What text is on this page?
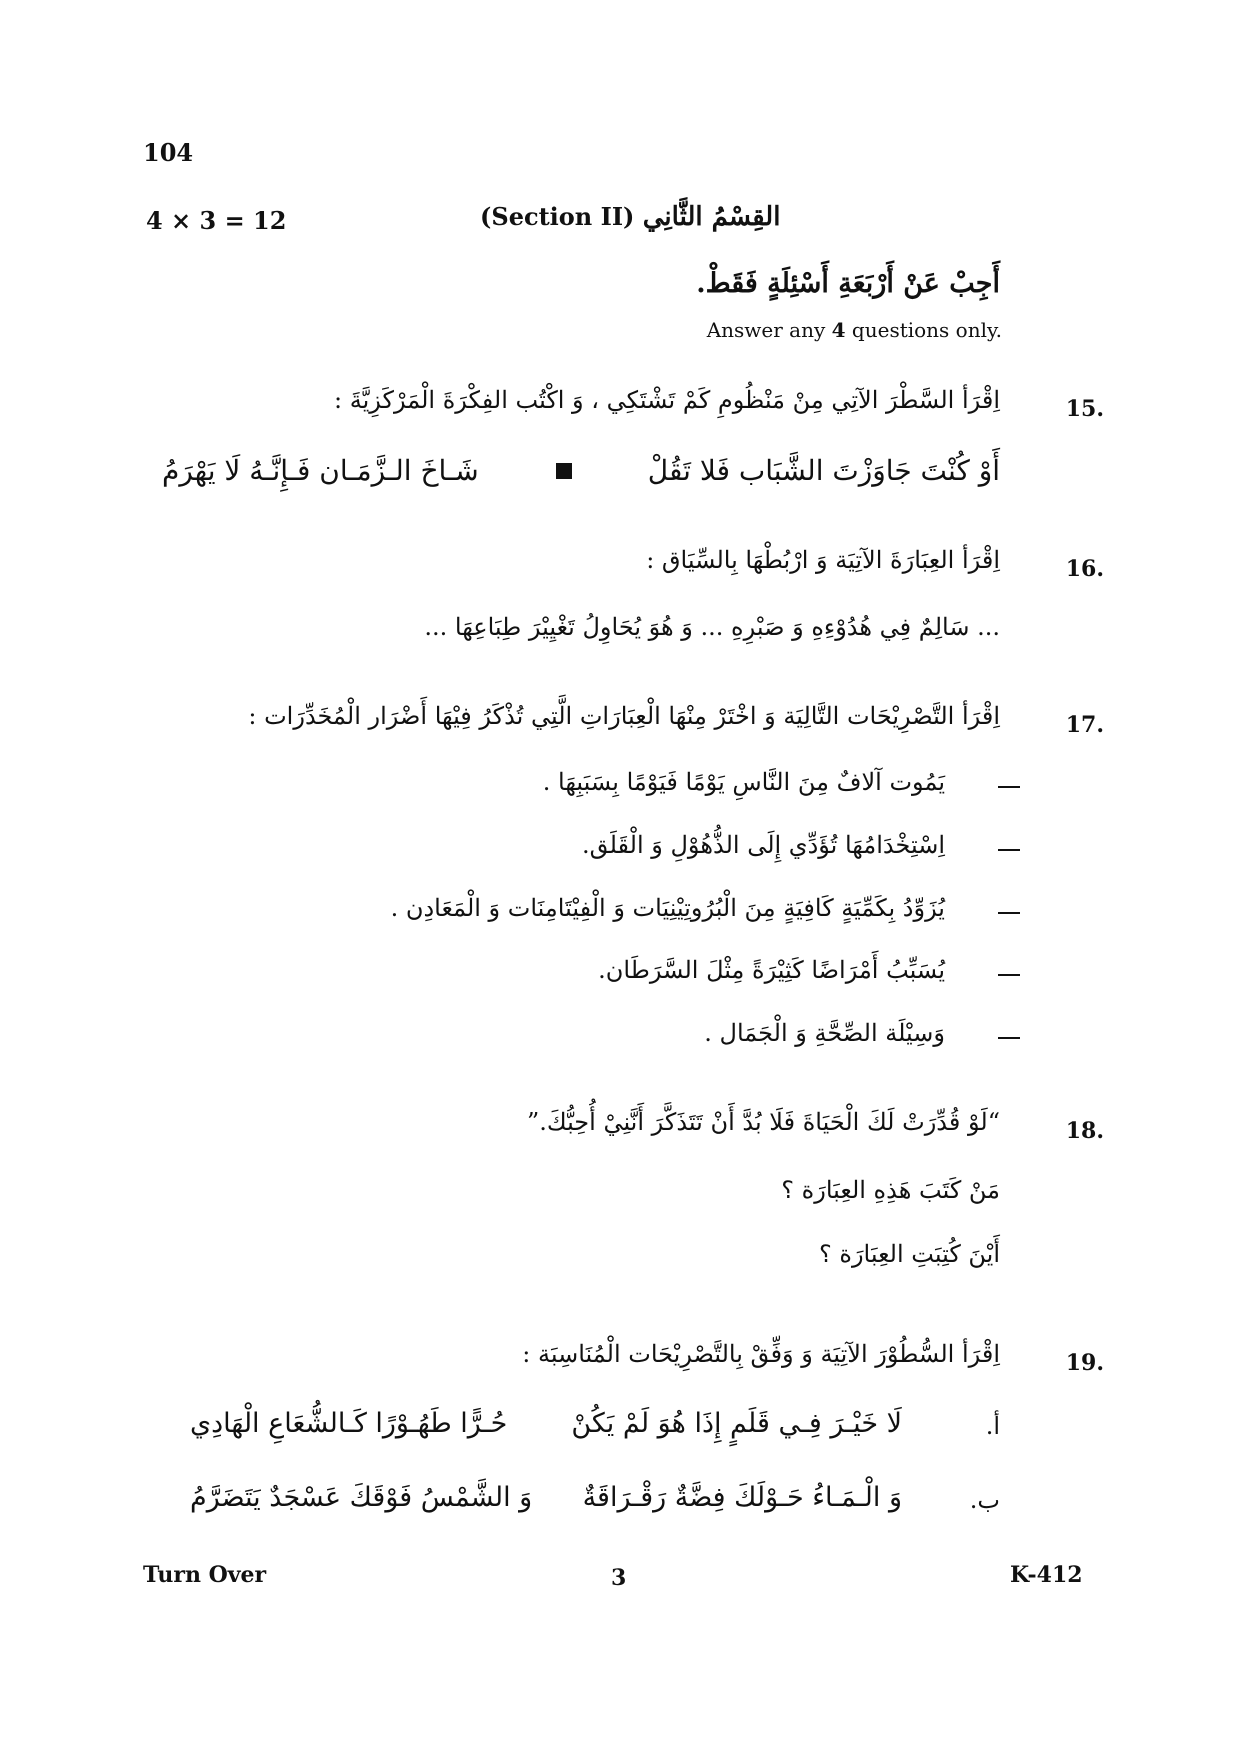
104
4 × 3 = 12	(Section II) القِسْمُ الثَّانِي
أَجِبْ عَنْ أَرْبَعَةِ أَسْئِلَةٍ فَقَطْ.
Answer any 4 questions only.
15.
اِقْرَأ السَّطْرَ الآتِي مِنْ مَنْظُومِ كَمْ تَشْتَكِي ، وَ اكْتُب الفِكْرَةَ الْمَرْكَزِيَّةَ :
أَوْ كُنْتَ جَاوَزْتَ الشَّبَاب فَلا تَقُلْ
شَـاخَ الـزَّمَـان فَـإِنَّـهُ لَا يَهْرَمُ
16.
اِقْرَأ العِبَارَةَ الآتِيَة وَ ارْبُطْهَا بِالسِّيَاق :
... سَالِمٌ فِي هُدُوْءِهِ وَ صَبْرِهِ ... وَ هُوَ يُحَاوِلُ تَغْيِيْرَ طِبَاعِهَا ...
17.
اِقْرَأ التَّصْرِيْحَات التَّالِيَة وَ اخْتَرْ مِنْهَا الْعِبَارَاتِ الَّتِي تُذْكَرُ فِيْهَا أَضْرَار الْمُخَدِّرَات :
يَمُوت آلافٌ مِنَ النَّاسِ يَوْمًا فَيَوْمًا بِسَبَبِهَا .
اِسْتِخْدَامُهَا تُؤَدِّي إِلَى الذُّهُوْلِ وَ الْقَلَق.
يُزَوِّدُ بِكَمِّيَةٍ كَافِيَةٍ مِنَ الْبُرُوتِيْنِيَات وَ الْفِيْتَامِنَات وَ الْمَعَادِن .
يُسَبِّبُ أَمْرَاضًا كَثِيْرَةً مِثْلَ السَّرَطَان.
وَسِيْلَة الصِّحَّةِ وَ الْجَمَال .
18.
“لَوْ قُدِّرَتْ لَكَ الْحَيَاةَ فَلَا بُدَّ أَنْ تَتَذَكَّرَ أَنَّنِيْ أُحِبُّكَ.”
مَنْ كَتَبَ هَذِهِ العِبَارَة ؟
أَيْنَ كُتِبَتِ العِبَارَة ؟
19.
اِقْرَأ السُّطُوْرَ الآتِيَة وَ وَفِّقْ بِالتَّصْرِيْحَات الْمُنَاسِبَة :
أ.
لَا خَيْـرَ فِـي قَلَمٍ إِذَا هُوَ لَمْ يَكُنْ
حُـرًّا طَهُـوْرًا كَـالشُّعَاعِ الْهَادِي
ب.
وَ الْـمَـاءُ حَـوْلَكَ فِضَّةٌ رَقْـرَاقَةٌ
وَ الشَّمْسُ فَوْقَكَ عَسْجَدٌ يَتَضَرَّمُ
Turn Over	3	K-412
